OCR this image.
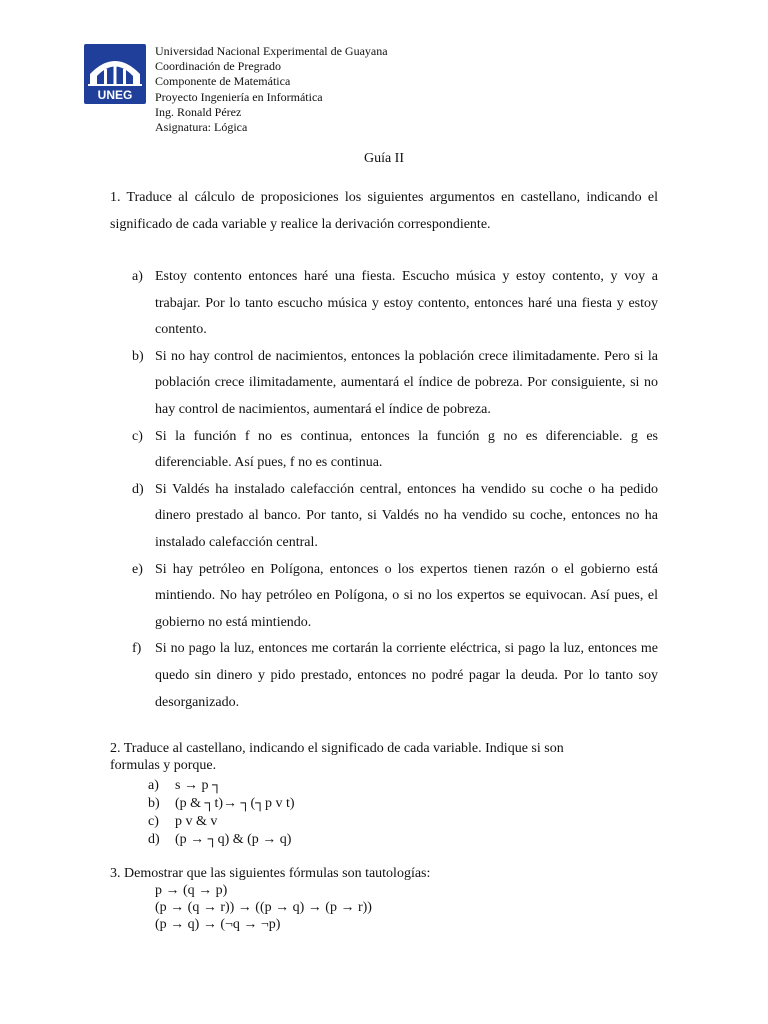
UNEG
Universidad Nacional Experimental de Guayana
Coordinación de Pregrado
Componente de Matemática
Proyecto Ingeniería en Informática
Ing. Ronald Pérez
Asignatura: Lógica
Guía II
1. Traduce al cálculo de proposiciones los siguientes argumentos en castellano, indicando el significado de cada variable y realice la derivación correspondiente.
a) Estoy contento entonces haré una fiesta. Escucho música y estoy contento, y voy a trabajar. Por lo tanto escucho música y estoy contento, entonces haré una fiesta y estoy contento.
b) Si no hay control de nacimientos, entonces la población crece ilimitadamente. Pero si la población crece ilimitadamente, aumentará el índice de pobreza. Por consiguiente, si no hay control de nacimientos, aumentará el índice de pobreza.
c) Si la función f no es continua, entonces la función g no es diferenciable. g es diferenciable. Así pues, f no es continua.
d) Si Valdés ha instalado calefacción central, entonces ha vendido su coche o ha pedido dinero prestado al banco. Por tanto, si Valdés no ha vendido su coche, entonces no ha instalado calefacción central.
e) Si hay petróleo en Polígona, entonces o los expertos tienen razón o el gobierno está mintiendo. No hay petróleo en Polígona, o si no los expertos se equivocan. Así pues, el gobierno no está mintiendo.
f) Si no pago la luz, entonces me cortarán la corriente eléctrica, si pago la luz, entonces me quedo sin dinero y pido prestado, entonces no podré pagar la deuda. Por lo tanto soy desorganizado.
2. Traduce al castellano, indicando el significado de cada variable. Indique si son
formulas y porque.
a) s → p ┐
b) (p & ┐t)→ ┐(┐p v t)
c) p v & v
d) (p → ┐q) & (p → q)
3. Demostrar que las siguientes fórmulas son tautologías:
p → (q → p)
(p → (q → r)) → ((p → q) → (p → r))
(p → q) → (¬q → ¬p)
